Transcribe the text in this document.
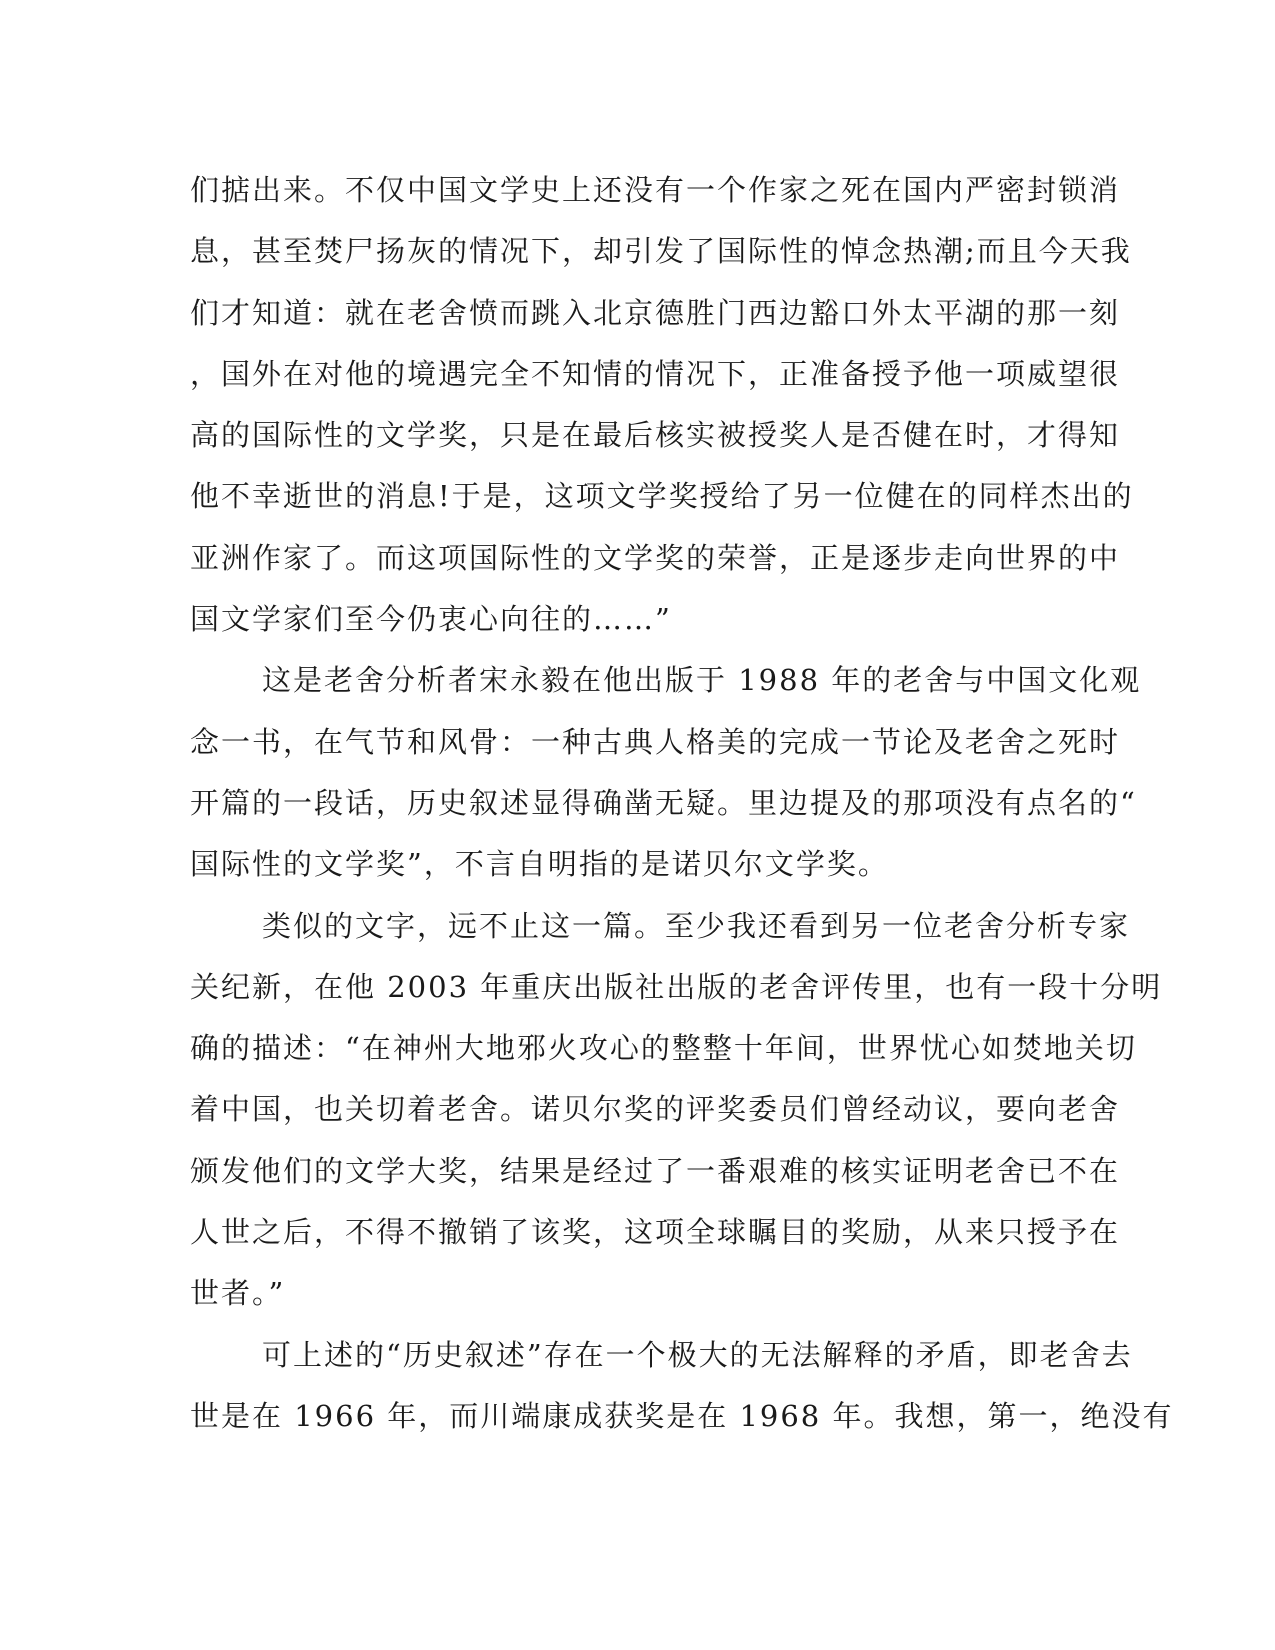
们掂出来。不仅中国文学史上还没有一个作家之死在国内严密封锁消
息，甚至焚尸扬灰的情况下，却引发了国际性的悼念热潮;而且今天我
们才知道：就在老舍愤而跳入北京德胜门西边豁口外太平湖的那一刻
，国外在对他的境遇完全不知情的情况下，正准备授予他一项威望很
高的国际性的文学奖，只是在最后核实被授奖人是否健在时，才得知
他不幸逝世的消息!于是，这项文学奖授给了另一位健在的同样杰出的
亚洲作家了。而这项国际性的文学奖的荣誉，正是逐步走向世界的中
国文学家们至今仍衷心向往的……”
这是老舍分析者宋永毅在他出版于 1988 年的老舍与中国文化观
念一书，在气节和风骨：一种古典人格美的完成一节论及老舍之死时
开篇的一段话，历史叙述显得确凿无疑。里边提及的那项没有点名的“
国际性的文学奖”，不言自明指的是诺贝尔文学奖。
类似的文字，远不止这一篇。至少我还看到另一位老舍分析专家
关纪新，在他 2003 年重庆出版社出版的老舍评传里，也有一段十分明
确的描述：“在神州大地邪火攻心的整整十年间，世界忧心如焚地关切
着中国，也关切着老舍。诺贝尔奖的评奖委员们曾经动议，要向老舍
颁发他们的文学大奖，结果是经过了一番艰难的核实证明老舍已不在
人世之后，不得不撤销了该奖，这项全球瞩目的奖励，从来只授予在
世者。”
可上述的“历史叙述”存在一个极大的无法解释的矛盾，即老舍去
世是在 1966 年，而川端康成获奖是在 1968 年。我想，第一，绝没有
